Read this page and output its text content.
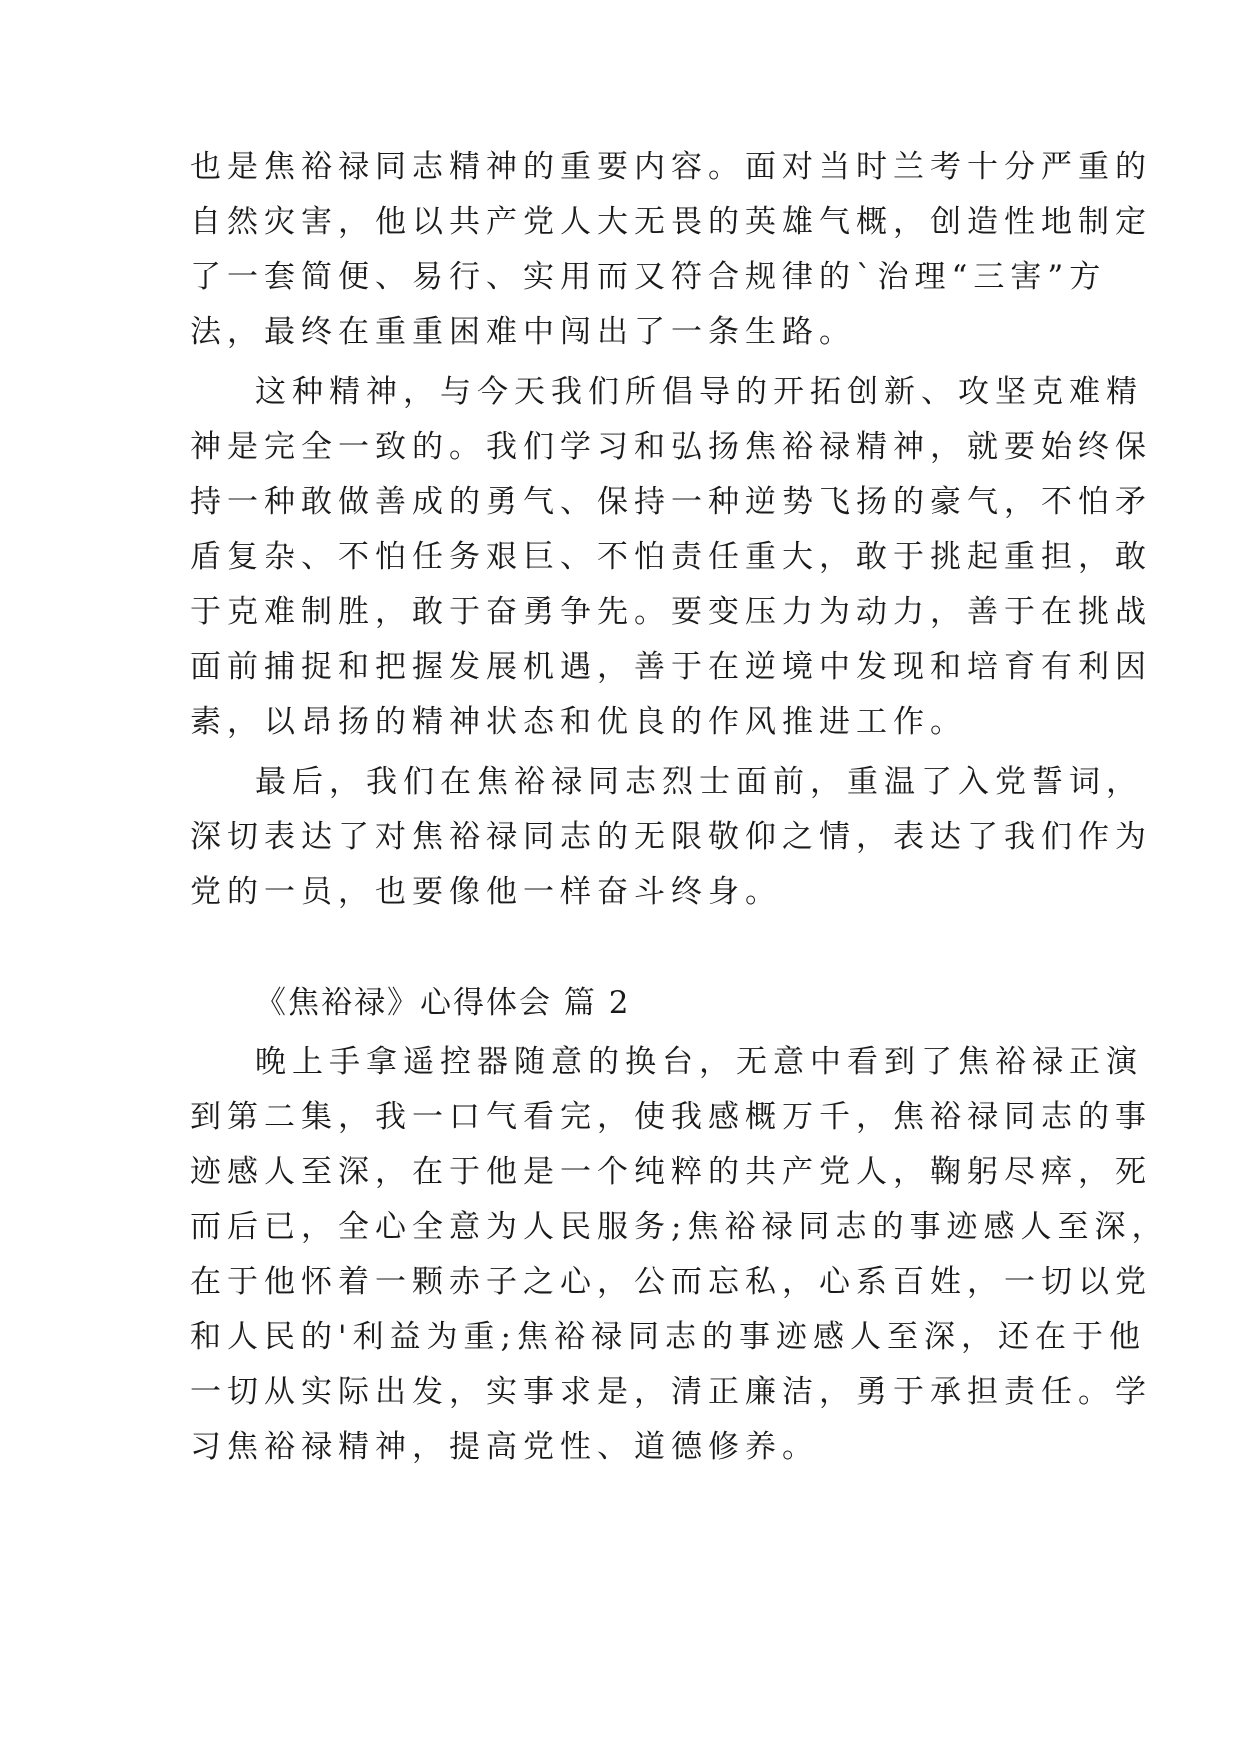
也是焦裕禄同志精神的重要内容。面对当时兰考十分严重的
自然灾害，他以共产党人大无畏的英雄气概，创造性地制定
了一套简便、易行、实用而又符合规律的`治理“三害”方
法，最终在重重困难中闯出了一条生路。
这种精神，与今天我们所倡导的开拓创新、攻坚克难精
神是完全一致的。我们学习和弘扬焦裕禄精神，就要始终保
持一种敢做善成的勇气、保持一种逆势飞扬的豪气，不怕矛
盾复杂、不怕任务艰巨、不怕责任重大，敢于挑起重担，敢
于克难制胜，敢于奋勇争先。要变压力为动力，善于在挑战
面前捕捉和把握发展机遇，善于在逆境中发现和培育有利因
素，以昂扬的精神状态和优良的作风推进工作。
最后，我们在焦裕禄同志烈士面前，重温了入党誓词，
深切表达了对焦裕禄同志的无限敬仰之情，表达了我们作为
党的一员，也要像他一样奋斗终身。
《焦裕禄》心得体会 篇 2
晚上手拿遥控器随意的换台，无意中看到了焦裕禄正演
到第二集，我一口气看完，使我感概万千，焦裕禄同志的事
迹感人至深，在于他是一个纯粹的共产党人，鞠躬尽瘁，死
而后已，全心全意为人民服务;焦裕禄同志的事迹感人至深，
在于他怀着一颗赤子之心，公而忘私，心系百姓，一切以党
和人民的'利益为重;焦裕禄同志的事迹感人至深，还在于他
一切从实际出发，实事求是，清正廉洁，勇于承担责任。学
习焦裕禄精神，提高党性、道德修养。
